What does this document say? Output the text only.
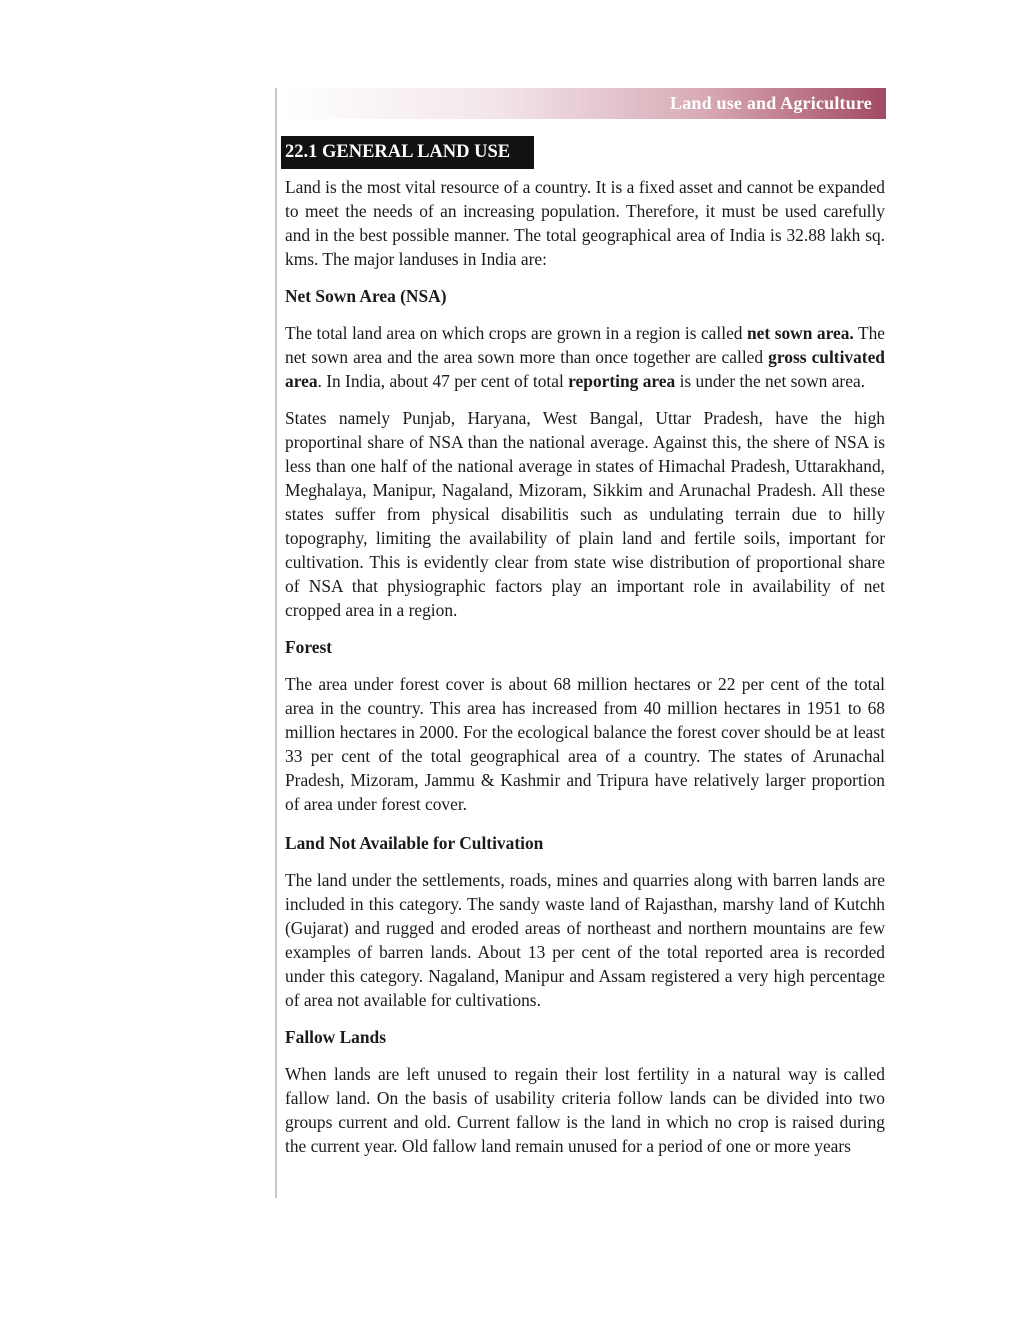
Land use and Agriculture
22.1 GENERAL LAND USE

Land is the most vital resource of a country. It is a fixed asset and cannot be expanded to meet the needs of an increasing population. Therefore, it must be used carefully and in the best possible manner. The total geographical area of India is 32.88 lakh sq. kms. The major landuses in India are:

Net Sown Area (NSA)

The total land area on which crops are grown in a region is called net sown area. The net sown area and the area sown more than once together are called gross cultivated area. In India, about 47 per cent of total reporting area is under the net sown area.

States namely Punjab, Haryana, West Bangal, Uttar Pradesh, have the high proportinal share of NSA than the national average. Against this, the shere of NSA is less than one half of the national average in states of Himachal Pradesh, Uttarakhand, Meghalaya, Manipur, Nagaland, Mizoram, Sikkim and Arunachal Pradesh. All these states suffer from physical disabilitis such as undulating terrain due to hilly topography, limiting the availability of plain land and fertile soils, important for cultivation. This is evidently clear from state wise distribution of proportional share of NSA that physiographic factors play an important role in availability of net cropped area in a region.

Forest

The area under forest cover is about 68 million hectares or 22 per cent of the total area in the country. This area has increased from 40 million hectares in 1951 to 68 million hectares in 2000. For the ecological balance the forest cover should be at least 33 per cent of the total geographical area of a country. The states of Arunachal Pradesh, Mizoram, Jammu & Kashmir and Tripura have relatively larger proportion of area under forest cover.

Land Not Available for Cultivation

The land under the settlements, roads, mines and quarries along with barren lands are included in this category. The sandy waste land of Rajasthan, marshy land of Kutchh (Gujarat) and rugged and eroded areas of northeast and northern mountains are few examples of barren lands. About 13 per cent of the total reported area is recorded under this category. Nagaland, Manipur and Assam registered a very high percentage of area not available for cultivations.

Fallow Lands

When lands are left unused to regain their lost fertility in a natural way is called fallow land. On the basis of usability criteria follow lands can be divided into two groups current and old. Current fallow is the land in which no crop is raised during the current year. Old fallow land remain unused for a period of one or more years
